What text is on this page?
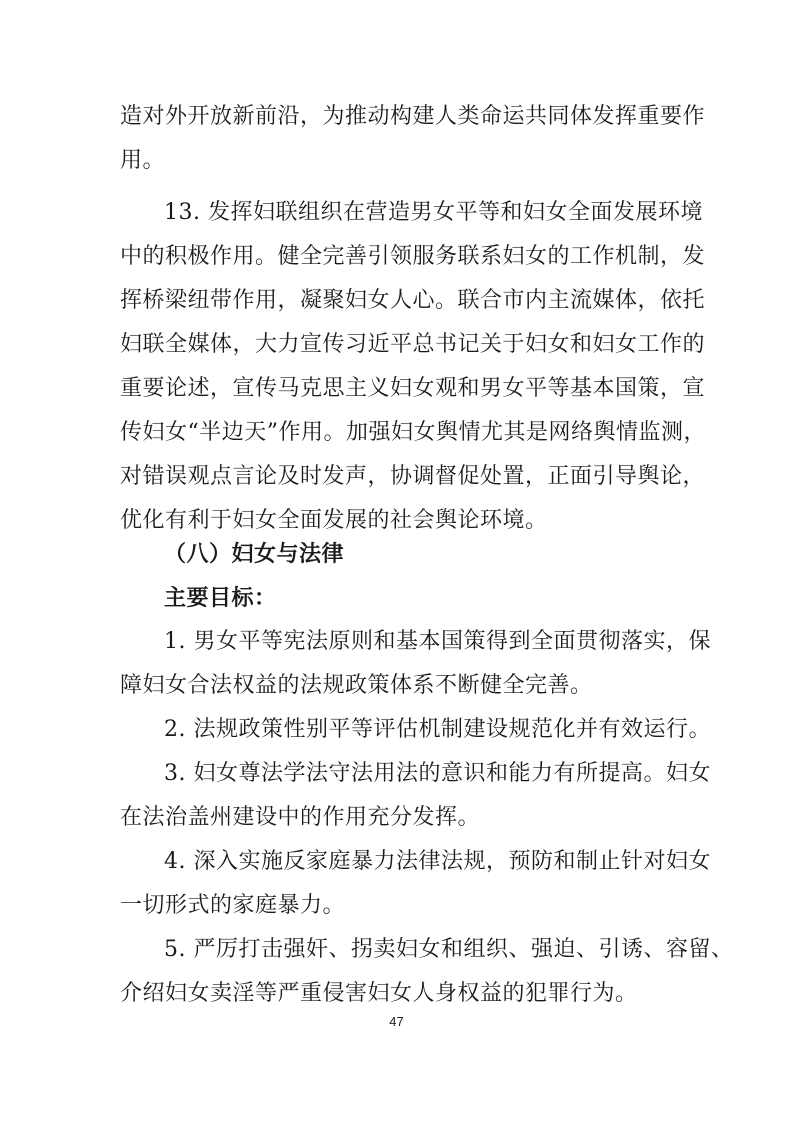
造对外开放新前沿，为推动构建人类命运共同体发挥重要作
用。
13. 发挥妇联组织在营造男女平等和妇女全面发展环境
中的积极作用。健全完善引领服务联系妇女的工作机制，发
挥桥梁纽带作用，凝聚妇女人心。联合市内主流媒体，依托
妇联全媒体，大力宣传习近平总书记关于妇女和妇女工作的
重要论述，宣传马克思主义妇女观和男女平等基本国策，宣
传妇女“半边天”作用。加强妇女舆情尤其是网络舆情监测，
对错误观点言论及时发声，协调督促处置，正面引导舆论，
优化有利于妇女全面发展的社会舆论环境。
（八）妇女与法律
主要目标：
1. 男女平等宪法原则和基本国策得到全面贯彻落实，保
障妇女合法权益的法规政策体系不断健全完善。
2. 法规政策性别平等评估机制建设规范化并有效运行。
3. 妇女尊法学法守法用法的意识和能力有所提高。妇女
在法治盖州建设中的作用充分发挥。
4. 深入实施反家庭暴力法律法规，预防和制止针对妇女
一切形式的家庭暴力。
5. 严厉打击强奸、拐卖妇女和组织、强迫、引诱、容留、
介绍妇女卖淫等严重侵害妇女人身权益的犯罪行为。
47
